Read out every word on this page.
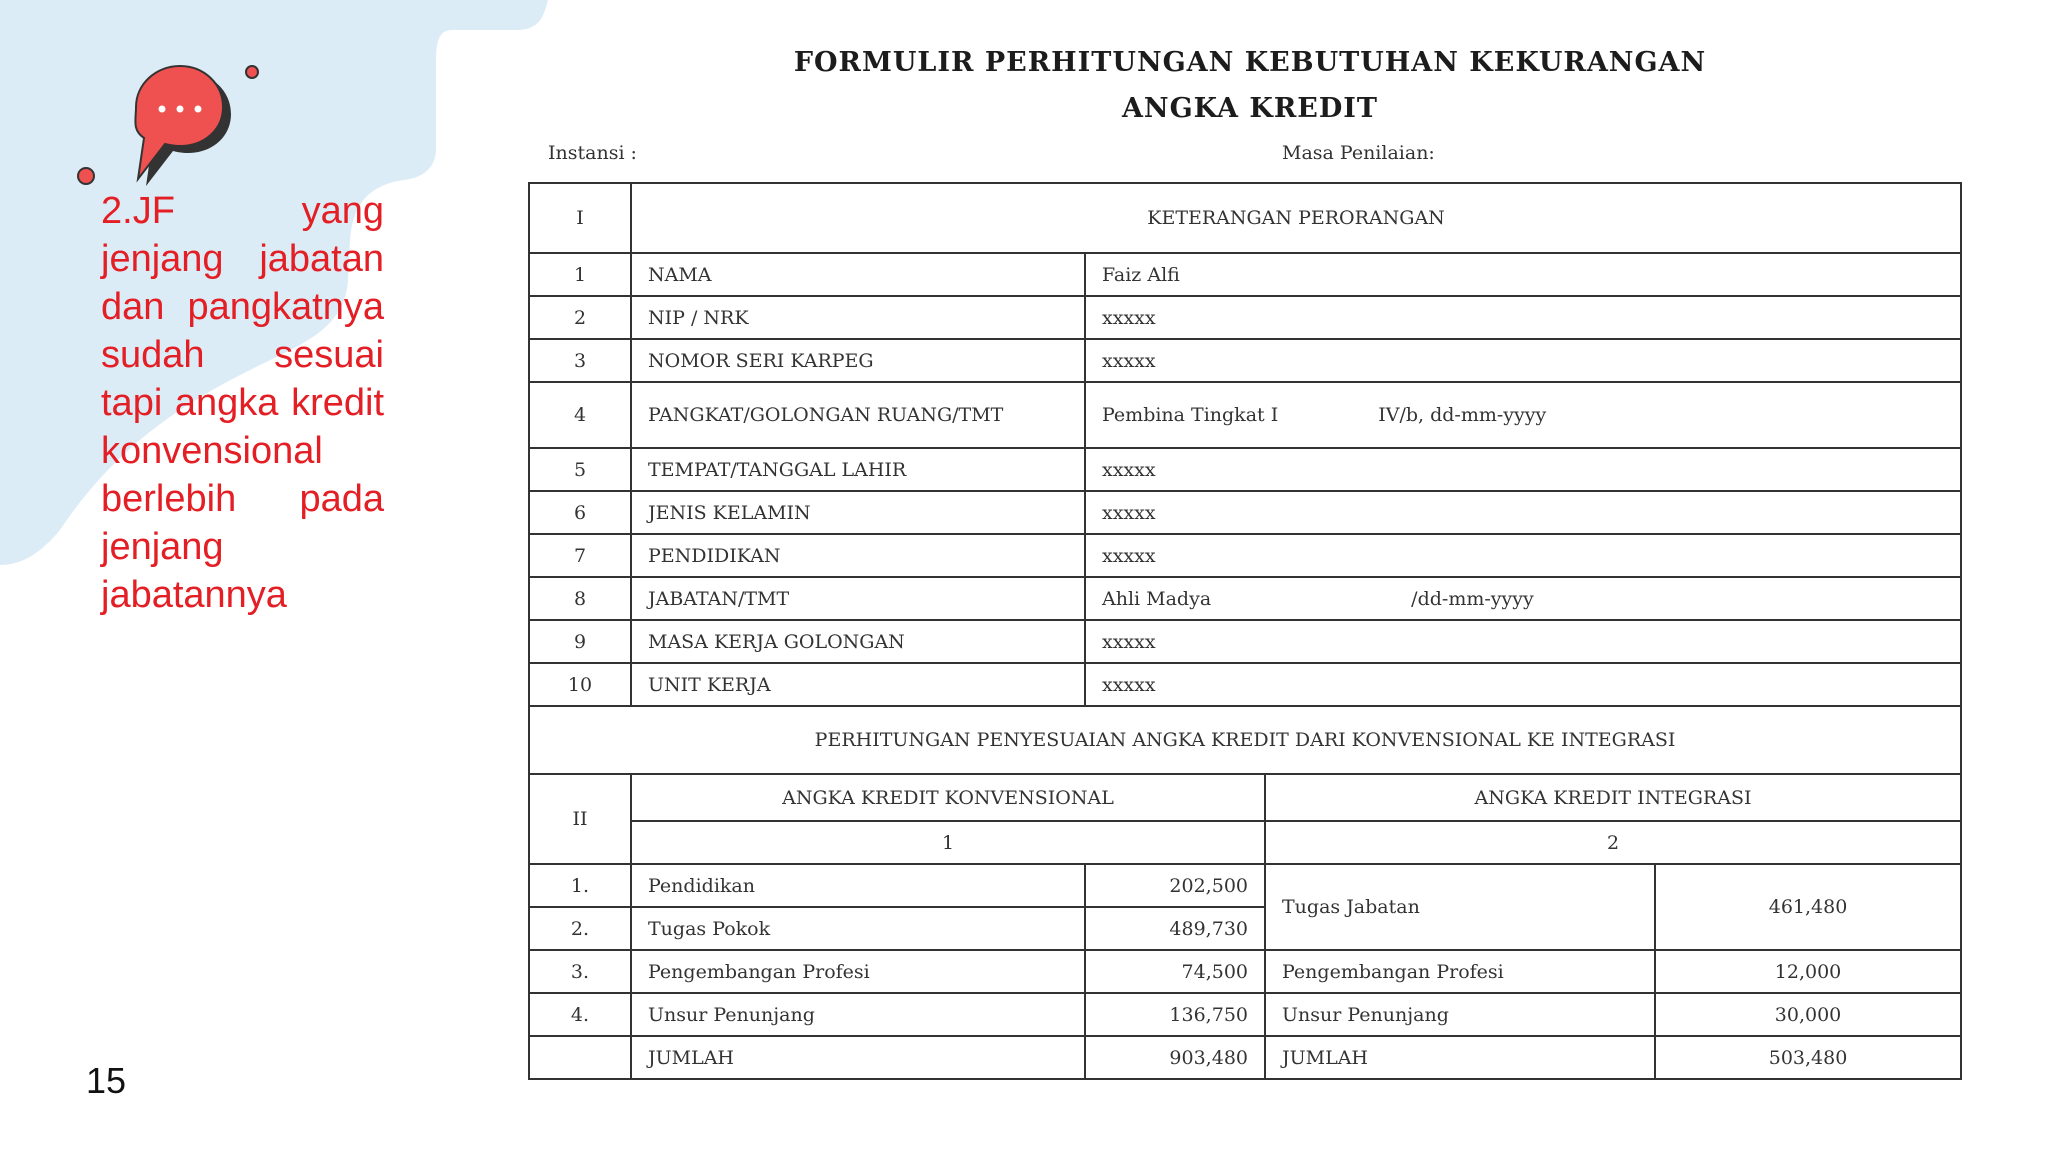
2.JF yang jenjang jabatan dan pangkatnya sudah sesuai tapi angka kredit konvensional berlebih pada jenjang jabatannya
15
FORMULIR PERHITUNGAN KEBUTUHAN KEKURANGAN
ANGKA KREDIT
Instansi :	Masa Penilaian:
I	KETERANGAN PERORANGAN			
1	NAMA	Faiz Alfi		
2	NIP / NRK	xxxxx		
3	NOMOR SERI KARPEG	xxxxx		
4	PANGKAT/GOLONGAN RUANG/TMT	Pembina Tingkat I IV/b, dd-mm-yyyy		
5	TEMPAT/TANGGAL LAHIR	xxxxx		
6	JENIS KELAMIN	xxxxx		
7	PENDIDIKAN	xxxxx		
8	JABATAN/TMT	Ahli Madya /dd-mm-yyyy		
9	MASA KERJA GOLONGAN	xxxxx		
10	UNIT KERJA	xxxxx		
PERHITUNGAN PENYESUAIAN ANGKA KREDIT DARI KONVENSIONAL KE INTEGRASI				
II	ANGKA KREDIT KONVENSIONAL		ANGKA KREDIT INTEGRASI	
	1		2	
1.	Pendidikan	202,500	Tugas Jabatan	461,480
2.	Tugas Pokok	489,730		
3.	Pengembangan Profesi	74,500	Pengembangan Profesi	12,000
4.	Unsur Penunjang	136,750	Unsur Penunjang	30,000
	JUMLAH	903,480	JUMLAH	503,480
